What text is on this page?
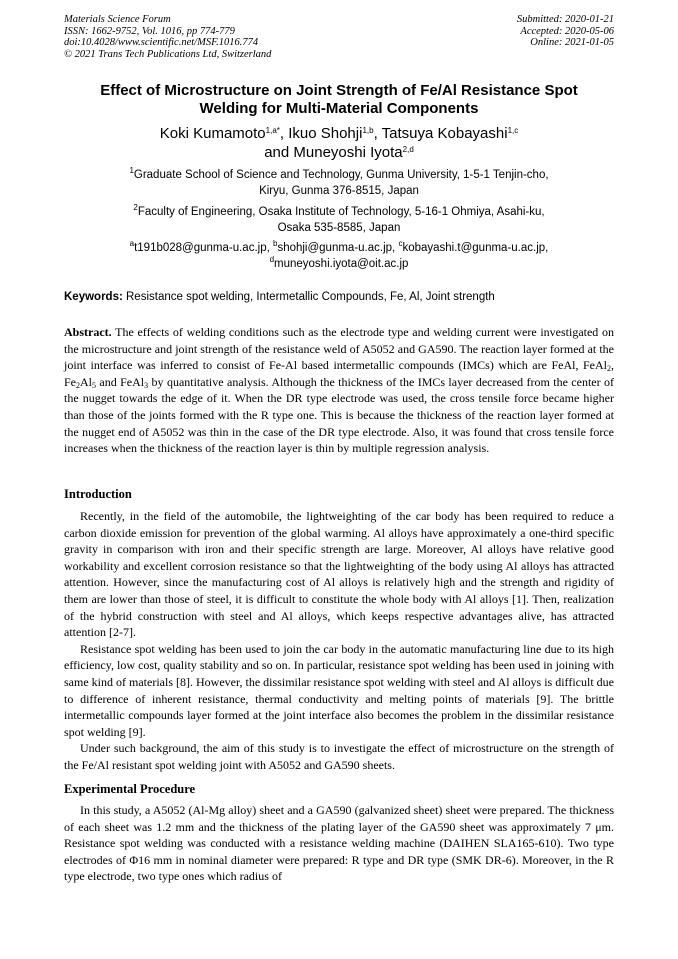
Materials Science Forum
ISSN: 1662-9752, Vol. 1016, pp 774-779
doi:10.4028/www.scientific.net/MSF.1016.774
© 2021 Trans Tech Publications Ltd, Switzerland
Submitted: 2020-01-21
Accepted: 2020-05-06
Online: 2021-01-05
Effect of Microstructure on Joint Strength of Fe/Al Resistance Spot
Welding for Multi-Material Components
Koki Kumamoto$^{1,a*}$, Ikuo Shohji$^{1,b}$, Tatsuya Kobayashi$^{1,c}$
and Muneyoshi Iyota$^{2,d}$
$^1$Graduate School of Science and Technology, Gunma University, 1-5-1 Tenjin-cho,
Kiryu, Gunma 376-8515, Japan
$^2$Faculty of Engineering, Osaka Institute of Technology, 5-16-1 Ohmiya, Asahi-ku,
Osaka 535-8585, Japan
$^a$t191b028@gunma-u.ac.jp, $^b$shohji@gunma-u.ac.jp, $^c$kobayashi.t@gunma-u.ac.jp,
$^d$muneyoshi.iyota@oit.ac.jp
Keywords: Resistance spot welding, Intermetallic Compounds, Fe, Al, Joint strength

Abstract. The effects of welding conditions such as the electrode type and welding current were investigated on the microstructure and joint strength of the resistance weld of A5052 and GA590. The reaction layer formed at the joint interface was inferred to consist of Fe-Al based intermetallic compounds (IMCs) which are FeAl, FeAl$_2$, $Fe_2Al_5$ and FeAl$_3$ by quantitative analysis. Although the thickness of the IMCs layer decreased from the center of the nugget towards the edge of it. When the DR type electrode was used, the cross tensile force became higher than those of the joints formed with the R type one. This is because the thickness of the reaction layer formed at the nugget end of A5052 was thin in the case of the DR type electrode. Also, it was found that cross tensile force increases when the thickness of the reaction layer is thin by multiple regression analysis.

Introduction

Recently, in the field of the automobile, the lightweighting of the car body has been required to reduce a carbon dioxide emission for prevention of the global warming. Al alloys have approximately a one-third specific gravity in comparison with iron and their specific strength are large. Moreover, Al alloys have relative good workability and excellent corrosion resistance so that the lightweighting of the body using Al alloys has attracted attention. However, since the manufacturing cost of Al alloys is relatively high and the strength and rigidity of them are lower than those of steel, it is difficult to constitute the whole body with Al alloys [1]. Then, realization of the hybrid construction with steel and Al alloys, which keeps respective advantages alive, has attracted attention [2-7].

Resistance spot welding has been used to join the car body in the automatic manufacturing line due to its high efficiency, low cost, quality stability and so on. In particular, resistance spot welding has been used in joining with same kind of materials [8]. However, the dissimilar resistance spot welding with steel and Al alloys is difficult due to difference of inherent resistance, thermal conductivity and melting points of materials [9]. The brittle intermetallic compounds layer formed at the joint interface also becomes the problem in the dissimilar resistance spot welding [9].

Under such background, the aim of this study is to investigate the effect of microstructure on the strength of the Fe/Al resistant spot welding joint with A5052 and GA590 sheets.

Experimental Procedure

In this study, a A5052 (Al-Mg alloy) sheet and a GA590 (galvanized sheet) sheet were prepared. The thickness of each sheet was 1.2 mm and the thickness of the plating layer of the GA590 sheet was approximately 7 μm. Resistance spot welding was conducted with a resistance welding machine (DAIHEN SLA165-610). Two type electrodes of Φ16 mm in nominal diameter were prepared: R type and DR type (SMK DR-6). Moreover, in the R type electrode, two type ones which radius of
